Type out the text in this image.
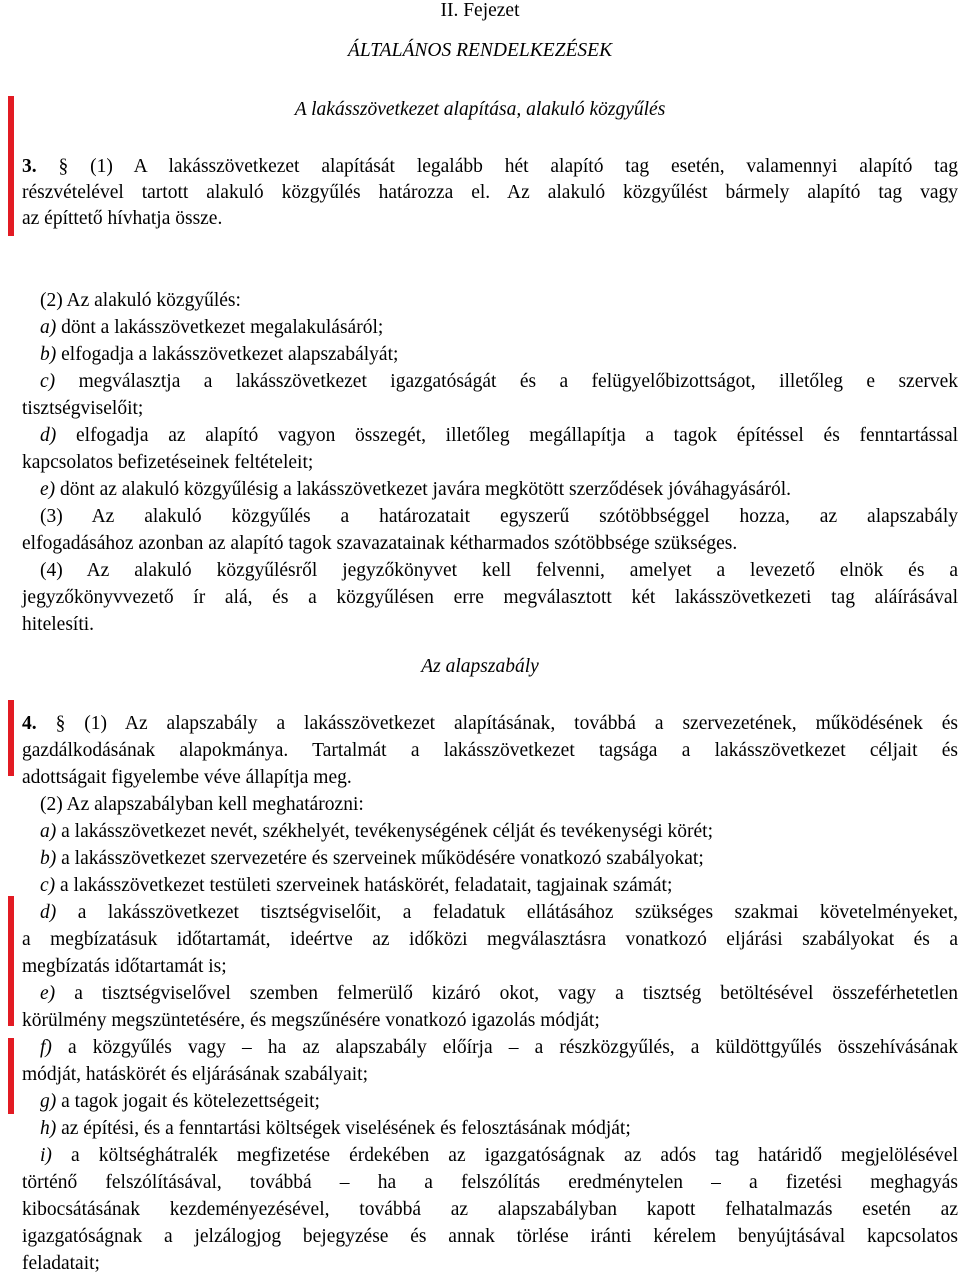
II. Fejezet

ÁLTALÁNOS RENDELKEZÉSEK

A lakásszövetkezet alapítása, alakuló közgyűlés

3. § (1) A lakásszövetkezet alapítását legalább hét alapító tag esetén, valamennyi alapító tag

részvételével tartott alakuló közgyűlés határozza el. Az alakuló közgyűlést bármely alapító tag vagy

az építtető hívhatja össze.

(2) Az alakuló közgyűlés:

a) dönt a lakásszövetkezet megalakulásáról;

b) elfogadja a lakásszövetkezet alapszabályát;

c) megválasztja a lakásszövetkezet igazgatóságát és a felügyelőbizottságot, illetőleg e szervek

tisztségviselőit;

d) elfogadja az alapító vagyon összegét, illetőleg megállapítja a tagok építéssel és fenntartással

kapcsolatos befizetéseinek feltételeit;

e) dönt az alakuló közgyűlésig a lakásszövetkezet javára megkötött szerződések jóváhagyásáról.

(3) Az alakuló közgyűlés a határozatait egyszerű szótöbbséggel hozza, az alapszabály

elfogadásához azonban az alapító tagok szavazatainak kétharmados szótöbbsége szükséges.

(4) Az alakuló közgyűlésről jegyzőkönyvet kell felvenni, amelyet a levezető elnök és a

jegyzőkönyvvezető ír alá, és a közgyűlésen erre megválasztott két lakásszövetkezeti tag aláírásával

hitelesíti.

Az alapszabály

4. § (1) Az alapszabály a lakásszövetkezet alapításának, továbbá a szervezetének, működésének és

gazdálkodásának alapokmánya. Tartalmát a lakásszövetkezet tagsága a lakásszövetkezet céljait és

adottságait figyelembe véve állapítja meg.

(2) Az alapszabályban kell meghatározni:

a) a lakásszövetkezet nevét, székhelyét, tevékenységének célját és tevékenységi körét;

b) a lakásszövetkezet szervezetére és szerveinek működésére vonatkozó szabályokat;

c) a lakásszövetkezet testületi szerveinek hatáskörét, feladatait, tagjainak számát;

d) a lakásszövetkezet tisztségviselőit, a feladatuk ellátásához szükséges szakmai követelményeket,

a megbízatásuk időtartamát, ideértve az időközi megválasztásra vonatkozó eljárási szabályokat és a

megbízatás időtartamát is;

e) a tisztségviselővel szemben felmerülő kizáró okot, vagy a tisztség betöltésével összeférhetetlen

körülmény megszüntetésére, és megszűnésére vonatkozó igazolás módját;

f) a közgyűlés vagy – ha az alapszabály előírja – a részközgyűlés, a küldöttgyűlés összehívásának

módját, hatáskörét és eljárásának szabályait;

g) a tagok jogait és kötelezettségeit;

h) az építési, és a fenntartási költségek viselésének és felosztásának módját;

i) a költséghátralék megfizetése érdekében az igazgatóságnak az adós tag határidő megjelölésével

történő felszólításával, továbbá – ha a felszólítás eredménytelen – a fizetési meghagyás

kibocsátásának kezdeményezésével, továbbá az alapszabályban kapott felhatalmazás esetén az

igazgatóságnak a jelzálogjog bejegyzése és annak törlése iránti kérelem benyújtásával kapcsolatos

feladatait;
